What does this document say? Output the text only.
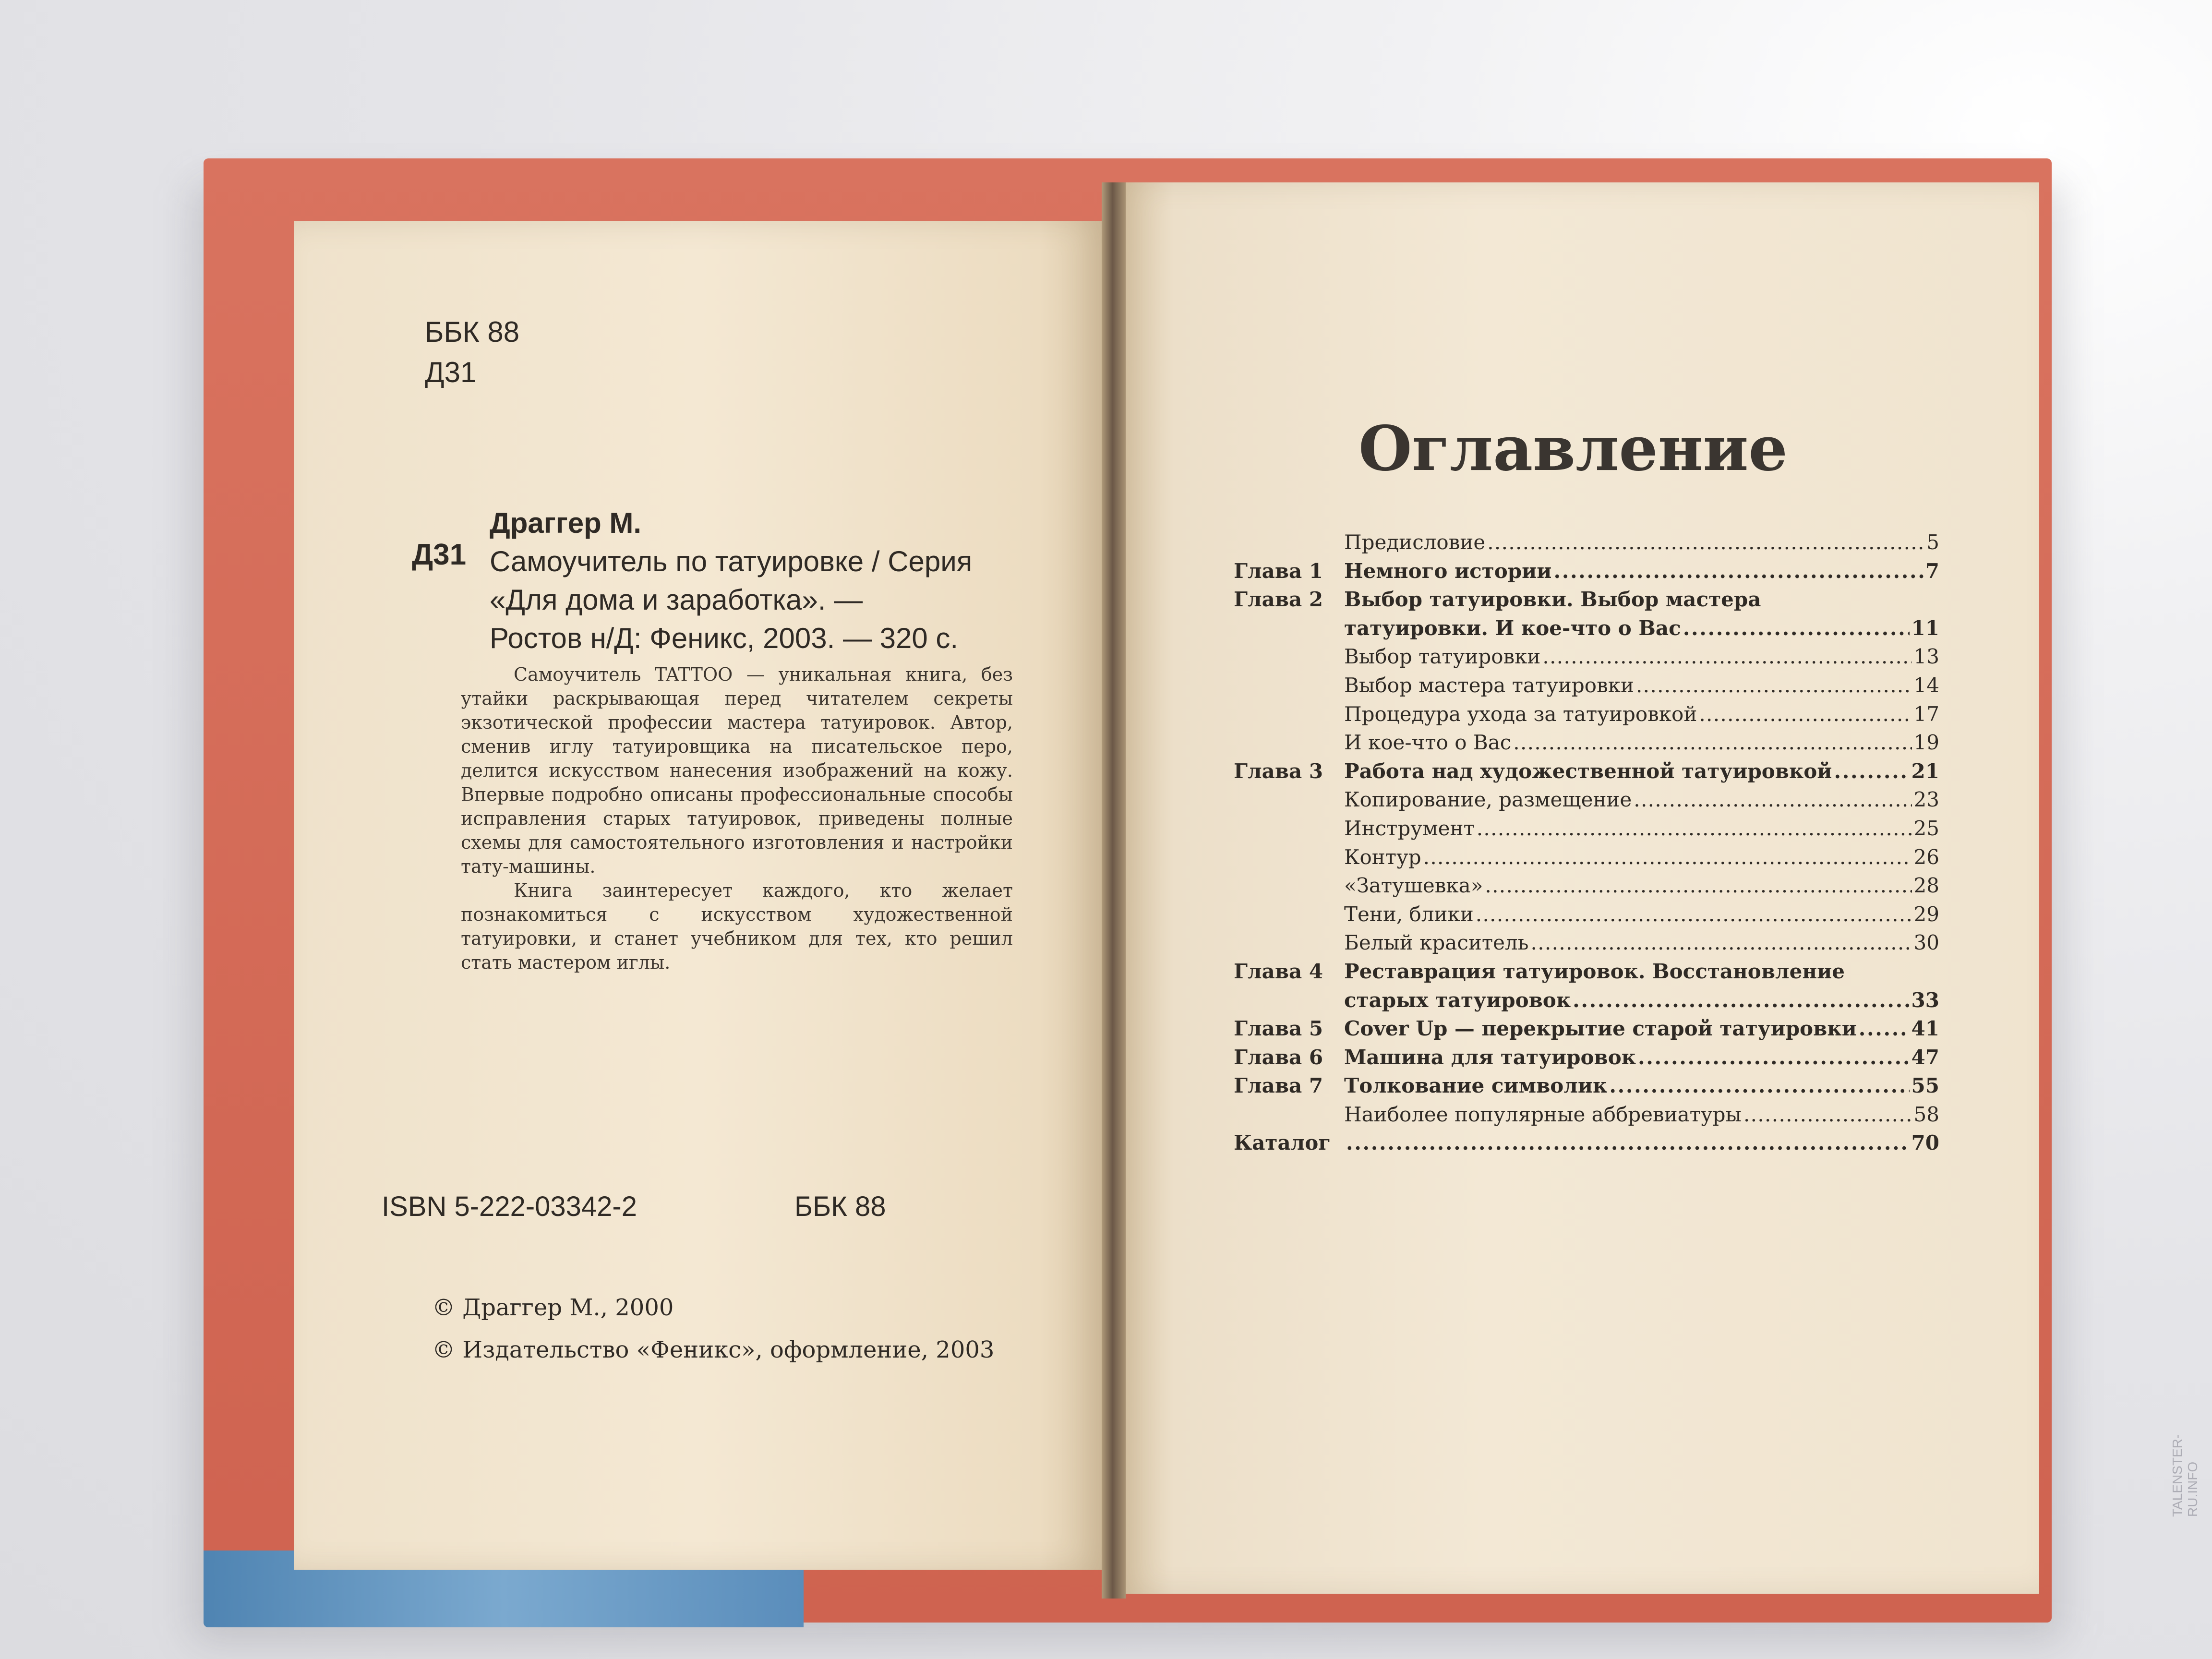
ББК 88
Д31
Д31
Драггер М.
Самоучитель по татуировке / Серия
«Для дома и заработка». —
Ростов н/Д: Феникс, 2003. — 320 с.

Самоучитель TATTOO — уникальная книга, без утайки раскрывающая перед читателем секреты экзотической профессии мастера татуировок. Автор, сменив иглу татуировщика на писательское перо, делится искусством нанесения изображений на кожу. Впервые подробно описаны профессиональные способы исправления старых татуировок, приведены полные схемы для самостоятельного изготовления и настройки тату-машины.

Книга заинтересует каждого, кто желает познакомиться с искусством художественной татуировки, и станет учебником для тех, кто решил стать мастером иглы.

ISBN 5-222-03342-2	ББК 88
© Драггер М., 2000
© Издательство «Феникс», оформление, 2003
Оглавление
Предисловие . . .	5
Глава 1 Немного истории . . .	7
Глава 2 Выбор татуировки. Выбор мастера
татуировки. И кое-что о Вас . . .	11
Выбор татуировки . . .	13
Выбор мастера татуировки . . .	14
Процедура ухода за татуировкой . . .	17
И кое-что о Вас . . .	19
Глава 3 Работа над художественной татуировкой . . .	21
Копирование, размещение . . .	23
Инструмент . . .	25
Контур . . .	26
«Затушевка» . . .	28
Тени, блики . . .	29
Белый краситель . . .	30
Глава 4 Реставрация татуировок. Восстановление
старых татуировок . . .	33
Глава 5 Cover Up — перекрытие старой татуировки . . .	41
Глава 6 Машина для татуировок . . .	47
Глава 7 Толкование символик . . .	55
Наиболее популярные аббревиатуры . . .	58
Каталог . . .	70
TALENSTER-RU.INFO
